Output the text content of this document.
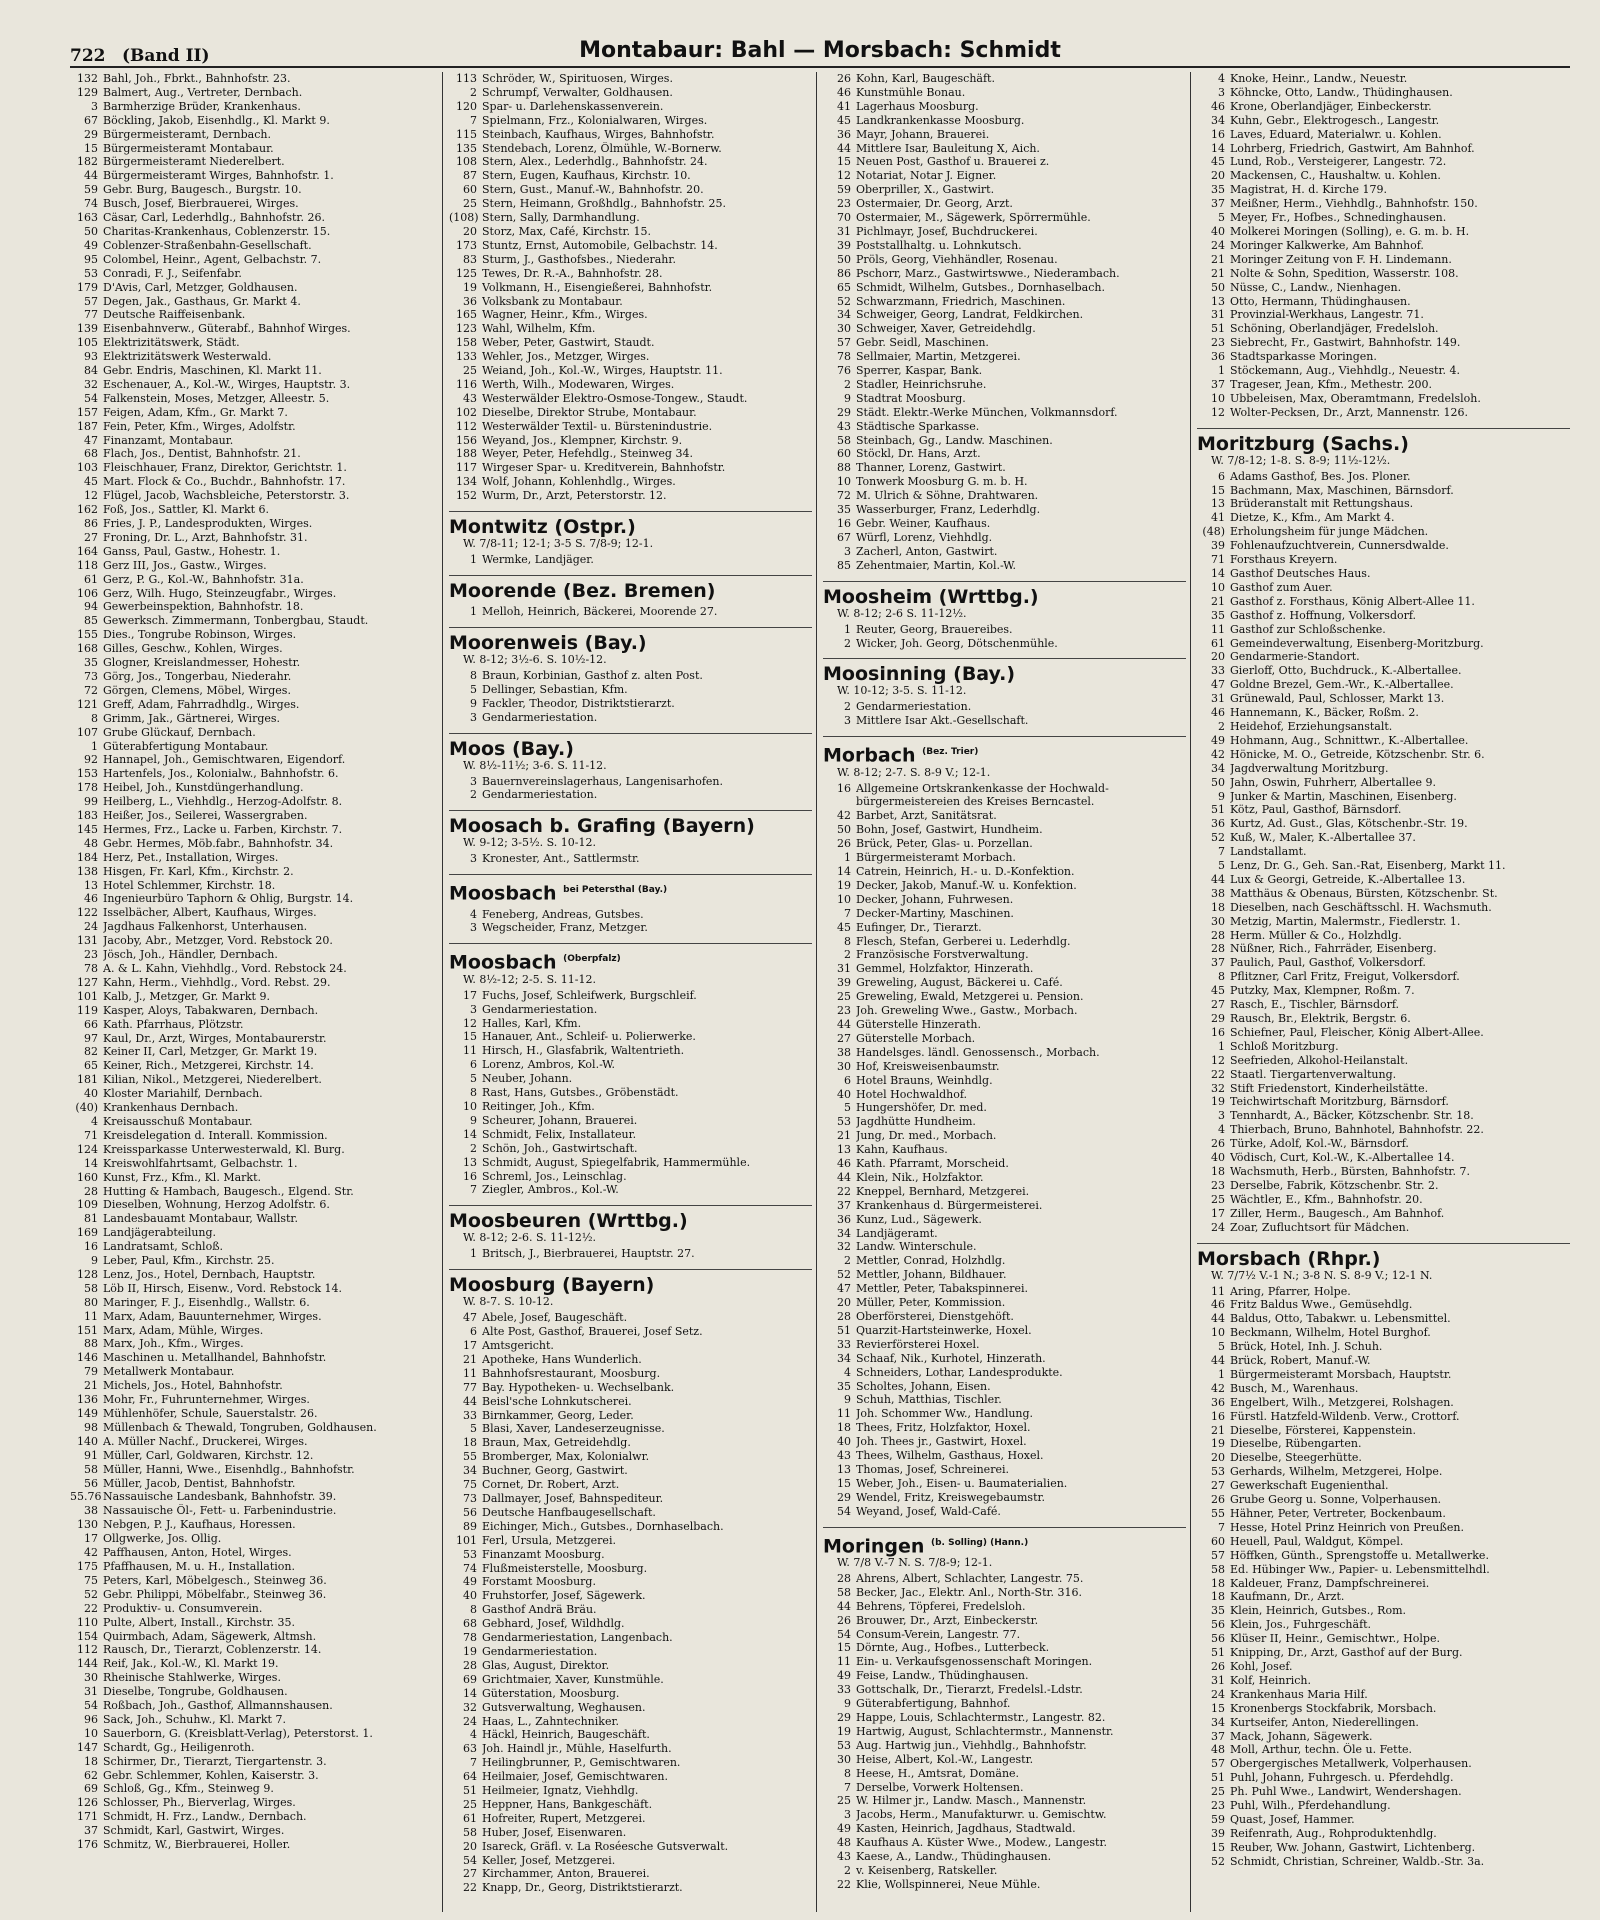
722 (Band II)	Montabaur: Bahl — Morsbach: Schmidt
132 Bahl, Joh., Fbrkt., Bahnhofstr. 23.
129 Balmert, Aug., Vertreter, Dernbach.
3 Barmherzige Brüder, Krankenhaus.
67 Böckling, Jakob, Eisenhdlg., Kl. Markt 9.
29 Bürgermeisteramt, Dernbach.
15 Bürgermeisteramt Montabaur.
182 Bürgermeisteramt Niederelbert.
44 Bürgermeisteramt Wirges, Bahnhofstr. 1.
59 Gebr. Burg, Baugesch., Burgstr. 10.
74 Busch, Josef, Bierbrauerei, Wirges.
163 Cäsar, Carl, Lederhdlg., Bahnhofstr. 26.
50 Charitas-Krankenhaus, Coblenzerstr. 15.
49 Coblenzer-Straßenbahn-Gesellschaft.
95 Colombel, Heinr., Agent, Gelbachstr. 7.
53 Conradi, F. J., Seifenfabr.
179 D'Avis, Carl, Metzger, Goldhausen.
57 Degen, Jak., Gasthaus, Gr. Markt 4.
77 Deutsche Raiffeisenbank.
139 Eisenbahnverw., Güterabf., Bahnhof Wirges.
105 Elektrizitätswerk, Städt.
93 Elektrizitätswerk Westerwald.
84 Gebr. Endris, Maschinen, Kl. Markt 11.
32 Eschenauer, A., Kol.-W., Wirges, Hauptstr. 3.
54 Falkenstein, Moses, Metzger, Alleestr. 5.
157 Feigen, Adam, Kfm., Gr. Markt 7.
187 Fein, Peter, Kfm., Wirges, Adolfstr.
47 Finanzamt, Montabaur.
68 Flach, Jos., Dentist, Bahnhofstr. 21.
103 Fleischhauer, Franz, Direktor, Gerichtstr. 1.
45 Mart. Flock & Co., Buchdr., Bahnhofstr. 17.
12 Flügel, Jacob, Wachsbleiche, Peterstorstr. 3.
162 Foß, Jos., Sattler, Kl. Markt 6.
86 Fries, J. P., Landesprodukten, Wirges.
27 Froning, Dr. L., Arzt, Bahnhofstr. 31.
164 Ganss, Paul, Gastw., Hohestr. 1.
118 Gerz III, Jos., Gastw., Wirges.
61 Gerz, P. G., Kol.-W., Bahnhofstr. 31a.
106 Gerz, Wilh. Hugo, Steinzeugfabr., Wirges.
94 Gewerbeinspektion, Bahnhofstr. 18.
85 Gewerksch. Zimmermann, Tonbergbau, Staudt.
155 Dies., Tongrube Robinson, Wirges.
168 Gilles, Geschw., Kohlen, Wirges.
35 Glogner, Kreislandmesser, Hohestr.
73 Görg, Jos., Tongerbau, Niederahr.
72 Görgen, Clemens, Möbel, Wirges.
121 Greff, Adam, Fahrradhdlg., Wirges.
8 Grimm, Jak., Gärtnerei, Wirges.
107 Grube Glückauf, Dernbach.
1 Güterabfertigung Montabaur.
92 Hannapel, Joh., Gemischtwaren, Eigendorf.
153 Hartenfels, Jos., Kolonialw., Bahnhofstr. 6.
178 Heibel, Joh., Kunstdüngerhandlung.
99 Heilberg, L., Viehhdlg., Herzog-Adolfstr. 8.
183 Heißer, Jos., Seilerei, Wassergraben.
145 Hermes, Frz., Lacke u. Farben, Kirchstr. 7.
48 Gebr. Hermes, Möb.fabr., Bahnhofstr. 34.
184 Herz, Pet., Installation, Wirges.
138 Hisgen, Fr. Karl, Kfm., Kirchstr. 2.
13 Hotel Schlemmer, Kirchstr. 18.
46 Ingenieurbüro Taphorn & Ohlig, Burgstr. 14.
122 Isselbächer, Albert, Kaufhaus, Wirges.
24 Jagdhaus Falkenhorst, Unterhausen.
131 Jacoby, Abr., Metzger, Vord. Rebstock 20.
23 Jösch, Joh., Händler, Dernbach.
78 A. & L. Kahn, Viehhdlg., Vord. Rebstock 24.
127 Kahn, Herm., Viehhdlg., Vord. Rebst. 29.
101 Kalb, J., Metzger, Gr. Markt 9.
119 Kasper, Aloys, Tabakwaren, Dernbach.
66 Kath. Pfarrhaus, Plötzstr.
97 Kaul, Dr., Arzt, Wirges, Montabaurerstr.
82 Keiner II, Carl, Metzger, Gr. Markt 19.
65 Keiner, Rich., Metzgerei, Kirchstr. 14.
181 Kilian, Nikol., Metzgerei, Niederelbert.
40 Kloster Mariahilf, Dernbach.
(40) Krankenhaus Dernbach.
4 Kreisausschuß Montabaur.
71 Kreisdelegation d. Interall. Kommission.
124 Kreissparkasse Unterwesterwald, Kl. Burg.
14 Kreiswohlfahrtsamt, Gelbachstr. 1.
160 Kunst, Frz., Kfm., Kl. Markt.
28 Hutting & Hambach, Baugesch., Elgend. Str.
109 Dieselben, Wohnung, Herzog Adolfstr. 6.
81 Landesbauamt Montabaur, Wallstr.
169 Landjägerabteilung.
16 Landratsamt, Schloß.
9 Leber, Paul, Kfm., Kirchstr. 25.
128 Lenz, Jos., Hotel, Dernbach, Hauptstr.
58 Löb II, Hirsch, Eisenw., Vord. Rebstock 14.
80 Maringer, F. J., Eisenhdlg., Wallstr. 6.
11 Marx, Adam, Bauunternehmer, Wirges.
151 Marx, Adam, Mühle, Wirges.
88 Marx, Joh., Kfm., Wirges.
146 Maschinen u. Metallhandel, Bahnhofstr.
79 Metallwerk Montabaur.
21 Michels, Jos., Hotel, Bahnhofstr.
136 Mohr, Fr., Fuhrunternehmer, Wirges.
149 Mühlenhöfer, Schule, Sauerstalstr. 26.
98 Müllenbach & Thewald, Tongruben, Goldhausen.
140 A. Müller Nachf., Druckerei, Wirges.
91 Müller, Carl, Goldwaren, Kirchstr. 12.
58 Müller, Hanni, Wwe., Eisenhdlg., Bahnhofstr.
56 Müller, Jacob, Dentist, Bahnhofstr.
55.76 Nassauische Landesbank, Bahnhofstr. 39.
38 Nassauische Öl-, Fett- u. Farbenindustrie.
130 Nebgen, P. J., Kaufhaus, Horessen.
17 Ollgwerke, Jos. Ollig.
42 Paffhausen, Anton, Hotel, Wirges.
175 Pfaffhausen, M. u. H., Installation.
75 Peters, Karl, Möbelgesch., Steinweg 36.
52 Gebr. Philippi, Möbelfabr., Steinweg 36.
22 Produktiv- u. Consumverein.
110 Pulte, Albert, Install., Kirchstr. 35.
154 Quirmbach, Adam, Sägewerk, Altmsh.
112 Rausch, Dr., Tierarzt, Coblenzerstr. 14.
144 Reif, Jak., Kol.-W., Kl. Markt 19.
30 Rheinische Stahlwerke, Wirges.
31 Dieselbe, Tongrube, Goldhausen.
54 Roßbach, Joh., Gasthof, Allmannshausen.
96 Sack, Joh., Schuhw., Kl. Markt 7.
10 Sauerborn, G. (Kreisblatt-Verlag), Peterstorst. 1.
147 Schardt, Gg., Heiligenroth.
18 Schirmer, Dr., Tierarzt, Tiergartenstr. 3.
62 Gebr. Schlemmer, Kohlen, Kaiserstr. 3.
69 Schloß, Gg., Kfm., Steinweg 9.
126 Schlosser, Ph., Bierverlag, Wirges.
171 Schmidt, H. Frz., Landw., Dernbach.
37 Schmidt, Karl, Gastwirt, Wirges.
176 Schmitz, W., Bierbrauerei, Holler.
113 Schröder, W., Spirituosen, Wirges.
2 Schrumpf, Verwalter, Goldhausen.
120 Spar- u. Darlehenskassenverein.
7 Spielmann, Frz., Kolonialwaren, Wirges.
115 Steinbach, Kaufhaus, Wirges, Bahnhofstr.
135 Stendebach, Lorenz, Ölmühle, W.-Bornerw.
108 Stern, Alex., Lederhdlg., Bahnhofstr. 24.
87 Stern, Eugen, Kaufhaus, Kirchstr. 10.
60 Stern, Gust., Manuf.-W., Bahnhofstr. 20.
25 Stern, Heimann, Großhdlg., Bahnhofstr. 25.
(108) Stern, Sally, Darmhandlung.
20 Storz, Max, Café, Kirchstr. 15.
173 Stuntz, Ernst, Automobile, Gelbachstr. 14.
83 Sturm, J., Gasthofsbes., Niederahr.
125 Tewes, Dr. R.-A., Bahnhofstr. 28.
19 Volkmann, H., Eisengießerei, Bahnhofstr.
36 Volksbank zu Montabaur.
165 Wagner, Heinr., Kfm., Wirges.
123 Wahl, Wilhelm, Kfm.
158 Weber, Peter, Gastwirt, Staudt.
133 Wehler, Jos., Metzger, Wirges.
25 Weiand, Joh., Kol.-W., Wirges, Hauptstr. 11.
116 Werth, Wilh., Modewaren, Wirges.
43 Westerwälder Elektro-Osmose-Tongew., Staudt.
102 Dieselbe, Direktor Strube, Montabaur.
112 Westerwälder Textil- u. Bürstenindustrie.
156 Weyand, Jos., Klempner, Kirchstr. 9.
188 Weyer, Peter, Hefehdlg., Steinweg 34.
117 Wirgeser Spar- u. Kreditverein, Bahnhofstr.
134 Wolf, Johann, Kohlenhdlg., Wirges.
152 Wurm, Dr., Arzt, Peterstorstr. 12.
Montwitz (Ostpr.)
W. 7/8-11; 12-1; 3-5 S. 7/8-9; 12-1.
1 Wermke, Landjäger.
Moorende (Bez. Bremen)
1 Melloh, Heinrich, Bäckerei, Moorende 27.
Moorenweis (Bay.)
W. 8-12; 3½-6. S. 10½-12.
8 Braun, Korbinian, Gasthof z. alten Post.
5 Dellinger, Sebastian, Kfm.
9 Fackler, Theodor, Distriktstierarzt.
3 Gendarmeriestation.
Moos (Bay.)
W. 8½-11½; 3-6. S. 11-12.
3 Bauernvereinslagerhaus, Langenisarhofen.
2 Gendarmeriestation.
Moosach b. Grafing (Bayern)
W. 9-12; 3-5½. S. 10-12.
3 Kronester, Ant., Sattlermstr.
Moosbach $^{bei Petersthal (Bay.)}$
4 Feneberg, Andreas, Gutsbes.
3 Wegscheider, Franz, Metzger.
Moosbach $^{(Oberpfalz)}$
W. 8½-12; 2-5. S. 11-12.
17 Fuchs, Josef, Schleifwerk, Burgschleif.
3 Gendarmeriestation.
12 Halles, Karl, Kfm.
15 Hanauer, Ant., Schleif- u. Polierwerke.
11 Hirsch, H., Glasfabrik, Waltentrieth.
6 Lorenz, Ambros, Kol.-W.
5 Neuber, Johann.
8 Rast, Hans, Gutsbes., Gröbenstädt.
10 Reitinger, Joh., Kfm.
9 Scheurer, Johann, Brauerei.
14 Schmidt, Felix, Installateur.
2 Schön, Joh., Gastwirtschaft.
13 Schmidt, August, Spiegelfabrik, Hammermühle.
16 Schreml, Jos., Leinschlag.
7 Ziegler, Ambros., Kol.-W.
Moosbeuren (Wrttbg.)
W. 8-12; 2-6. S. 11-12½.
1 Britsch, J., Bierbrauerei, Hauptstr. 27.
Moosburg (Bayern)
W. 8-7. S. 10-12.
47 Abele, Josef, Baugeschäft.
6 Alte Post, Gasthof, Brauerei, Josef Setz.
17 Amtsgericht.
21 Apotheke, Hans Wunderlich.
11 Bahnhofsrestaurant, Moosburg.
77 Bay. Hypotheken- u. Wechselbank.
44 Beisl'sche Lohnkutscherei.
33 Birnkammer, Georg, Leder.
5 Blasi, Xaver, Landeserzeugnisse.
18 Braun, Max, Getreidehdlg.
55 Bromberger, Max, Kolonialwr.
34 Buchner, Georg, Gastwirt.
75 Cornet, Dr. Robert, Arzt.
73 Dallmayer, Josef, Bahnspediteur.
56 Deutsche Hanfbaugesellschaft.
89 Eichinger, Mich., Gutsbes., Dornhaselbach.
101 Ferl, Ursula, Metzgerei.
53 Finanzamt Moosburg.
74 Flußmeisterstelle, Moosburg.
49 Forstamt Moosburg.
40 Fruhstorfer, Josef, Sägewerk.
8 Gasthof Andrä Bräu.
68 Gebhard, Josef, Wildhdlg.
78 Gendarmeriestation, Langenbach.
19 Gendarmeriestation.
28 Glas, August, Direktor.
69 Grichtmaier, Xaver, Kunstmühle.
14 Güterstation, Moosburg.
32 Gutsverwaltung, Weghausen.
24 Haas, L., Zahntechniker.
4 Häckl, Heinrich, Baugeschäft.
63 Joh. Haindl jr., Mühle, Haselfurth.
7 Heilingbrunner, P., Gemischtwaren.
64 Heilmaier, Josef, Gemischtwaren.
51 Heilmeier, Ignatz, Viehhdlg.
25 Heppner, Hans, Bankgeschäft.
61 Hofreiter, Rupert, Metzgerei.
58 Huber, Josef, Eisenwaren.
20 Isareck, Gräfl. v. La Roséesche Gutsverwalt.
54 Keller, Josef, Metzgerei.
27 Kirchammer, Anton, Brauerei.
22 Knapp, Dr., Georg, Distriktstierarzt.
26 Kohn, Karl, Baugeschäft.
46 Kunstmühle Bonau.
41 Lagerhaus Moosburg.
45 Landkrankenkasse Moosburg.
36 Mayr, Johann, Brauerei.
44 Mittlere Isar, Bauleitung X, Aich.
15 Neuen Post, Gasthof u. Brauerei z.
12 Notariat, Notar J. Eigner.
59 Oberpriller, X., Gastwirt.
23 Ostermaier, Dr. Georg, Arzt.
70 Ostermaier, M., Sägewerk, Spörrermühle.
31 Pichlmayr, Josef, Buchdruckerei.
39 Poststallhaltg. u. Lohnkutsch.
50 Pröls, Georg, Viehhändler, Rosenau.
86 Pschorr, Marz., Gastwirtswwe., Niederambach.
65 Schmidt, Wilhelm, Gutsbes., Dornhaselbach.
52 Schwarzmann, Friedrich, Maschinen.
34 Schweiger, Georg, Landrat, Feldkirchen.
30 Schweiger, Xaver, Getreidehdlg.
57 Gebr. Seidl, Maschinen.
78 Sellmaier, Martin, Metzgerei.
76 Sperrer, Kaspar, Bank.
2 Stadler, Heinrichsruhe.
9 Stadtrat Moosburg.
29 Städt. Elektr.-Werke München, Volkmannsdorf.
43 Städtische Sparkasse.
58 Steinbach, Gg., Landw. Maschinen.
60 Stöckl, Dr. Hans, Arzt.
88 Thanner, Lorenz, Gastwirt.
10 Tonwerk Moosburg G. m. b. H.
72 M. Ulrich & Söhne, Drahtwaren.
35 Wasserburger, Franz, Lederhdlg.
16 Gebr. Weiner, Kaufhaus.
67 Würfl, Lorenz, Viehhdlg.
3 Zacherl, Anton, Gastwirt.
85 Zehentmaier, Martin, Kol.-W.
Moosheim (Wrttbg.)
W. 8-12; 2-6 S. 11-12½.
1 Reuter, Georg, Brauereibes.
2 Wicker, Joh. Georg, Dötschenmühle.
Moosinning (Bay.)
W. 10-12; 3-5. S. 11-12.
2 Gendarmeriestation.
3 Mittlere Isar Akt.-Gesellschaft.
Morbach $^{(Bez. Trier)}$
W. 8-12; 2-7. S. 8-9 V.; 12-1.
16 Allgemeine Ortskrankenkasse der Hochwald-
bürgermeistereien des Kreises Berncastel.
42 Barbet, Arzt, Sanitätsrat.
50 Bohn, Josef, Gastwirt, Hundheim.
26 Brück, Peter, Glas- u. Porzellan.
1 Bürgermeisteramt Morbach.
14 Catrein, Heinrich, H.- u. D.-Konfektion.
19 Decker, Jakob, Manuf.-W. u. Konfektion.
10 Decker, Johann, Fuhrwesen.
7 Decker-Martiny, Maschinen.
45 Eufinger, Dr., Tierarzt.
8 Flesch, Stefan, Gerberei u. Lederhdlg.
2 Französische Forstverwaltung.
31 Gemmel, Holzfaktor, Hinzerath.
39 Greweling, August, Bäckerei u. Café.
25 Greweling, Ewald, Metzgerei u. Pension.
23 Joh. Greweling Wwe., Gastw., Morbach.
44 Güterstelle Hinzerath.
27 Güterstelle Morbach.
38 Handelsges. ländl. Genossensch., Morbach.
30 Hof, Kreisweisenbaumstr.
6 Hotel Brauns, Weinhdlg.
40 Hotel Hochwaldhof.
5 Hungershöfer, Dr. med.
53 Jagdhütte Hundheim.
21 Jung, Dr. med., Morbach.
13 Kahn, Kaufhaus.
46 Kath. Pfarramt, Morscheid.
44 Klein, Nik., Holzfaktor.
22 Kneppel, Bernhard, Metzgerei.
37 Krankenhaus d. Bürgermeisterei.
36 Kunz, Lud., Sägewerk.
34 Landjägeramt.
32 Landw. Winterschule.
2 Mettler, Conrad, Holzhdlg.
52 Mettler, Johann, Bildhauer.
47 Mettler, Peter, Tabakspinnerei.
20 Müller, Peter, Kommission.
28 Oberförsterei, Dienstgehöft.
51 Quarzit-Hartsteinwerke, Hoxel.
33 Revierförsterei Hoxel.
34 Schaaf, Nik., Kurhotel, Hinzerath.
4 Schneiders, Lothar, Landesprodukte.
35 Scholtes, Johann, Eisen.
9 Schuh, Matthias, Tischler.
11 Joh. Schommer Ww., Handlung.
18 Thees, Fritz, Holzfaktor, Hoxel.
40 Joh. Thees jr., Gastwirt, Hoxel.
43 Thees, Wilhelm, Gasthaus, Hoxel.
13 Thomas, Josef, Schreinerei.
15 Weber, Joh., Eisen- u. Baumaterialien.
29 Wendel, Fritz, Kreiswegebaumstr.
54 Weyand, Josef, Wald-Café.
Moringen $^{(b. Solling) (Hann.)}$
W. 7/8 V.-7 N. S. 7/8-9; 12-1.
28 Ahrens, Albert, Schlachter, Langestr. 75.
58 Becker, Jac., Elektr. Anl., North-Str. 316.
44 Behrens, Töpferei, Fredelsloh.
26 Brouwer, Dr., Arzt, Einbeckerstr.
54 Consum-Verein, Langestr. 77.
15 Dörnte, Aug., Hofbes., Lutterbeck.
11 Ein- u. Verkaufsgenossenschaft Moringen.
49 Feise, Landw., Thüdinghausen.
33 Gottschalk, Dr., Tierarzt, Fredelsl.-Ldstr.
9 Güterabfertigung, Bahnhof.
29 Happe, Louis, Schlachtermstr., Langestr. 82.
19 Hartwig, August, Schlachtermstr., Mannenstr.
53 Aug. Hartwig jun., Viehhdlg., Bahnhofstr.
30 Heise, Albert, Kol.-W., Langestr.
8 Heese, H., Amtsrat, Domäne.
7 Derselbe, Vorwerk Holtensen.
25 W. Hilmer jr., Landw. Masch., Mannenstr.
3 Jacobs, Herm., Manufakturwr. u. Gemischtw.
49 Kasten, Heinrich, Jagdhaus, Stadtwald.
48 Kaufhaus A. Küster Wwe., Modew., Langestr.
43 Kaese, A., Landw., Thüdinghausen.
2 v. Keisenberg, Ratskeller.
22 Klie, Wollspinnerei, Neue Mühle.
4 Knoke, Heinr., Landw., Neuestr.
3 Köhncke, Otto, Landw., Thüdinghausen.
46 Krone, Oberlandjäger, Einbeckerstr.
34 Kuhn, Gebr., Elektrogesch., Langestr.
16 Laves, Eduard, Materialwr. u. Kohlen.
14 Lohrberg, Friedrich, Gastwirt, Am Bahnhof.
45 Lund, Rob., Versteigerer, Langestr. 72.
20 Mackensen, C., Haushaltw. u. Kohlen.
35 Magistrat, H. d. Kirche 179.
37 Meißner, Herm., Viehhdlg., Bahnhofstr. 150.
5 Meyer, Fr., Hofbes., Schnedinghausen.
40 Molkerei Moringen (Solling), e. G. m. b. H.
24 Moringer Kalkwerke, Am Bahnhof.
21 Moringer Zeitung von F. H. Lindemann.
21 Nolte & Sohn, Spedition, Wasserstr. 108.
50 Nüsse, C., Landw., Nienhagen.
13 Otto, Hermann, Thüdinghausen.
31 Provinzial-Werkhaus, Langestr. 71.
51 Schöning, Oberlandjäger, Fredelsloh.
23 Siebrecht, Fr., Gastwirt, Bahnhofstr. 149.
36 Stadtsparkasse Moringen.
1 Stöckemann, Aug., Viehhdlg., Neuestr. 4.
37 Trageser, Jean, Kfm., Methestr. 200.
10 Ubbeleisen, Max, Oberamtmann, Fredelsloh.
12 Wolter-Pecksen, Dr., Arzt, Mannenstr. 126.
Moritzburg (Sachs.)
W. 7/8-12; 1-8. S. 8-9; 11½-12½.
6 Adams Gasthof, Bes. Jos. Ploner.
15 Bachmann, Max, Maschinen, Bärnsdorf.
13 Brüderanstalt mit Rettungshaus.
41 Dietze, K., Kfm., Am Markt 4.
(48) Erholungsheim für junge Mädchen.
39 Fohlenaufzuchtverein, Cunnersdwalde.
71 Forsthaus Kreyern.
14 Gasthof Deutsches Haus.
10 Gasthof zum Auer.
21 Gasthof z. Forsthaus, König Albert-Allee 11.
35 Gasthof z. Hoffnung, Volkersdorf.
11 Gasthof zur Schloßschenke.
61 Gemeindeverwaltung, Eisenberg-Moritzburg.
20 Gendarmerie-Standort.
33 Gierloff, Otto, Buchdruck., K.-Albertallee.
47 Goldne Brezel, Gem.-Wr., K.-Albertallee.
31 Grünewald, Paul, Schlosser, Markt 13.
46 Hannemann, K., Bäcker, Roßm. 2.
2 Heidehof, Erziehungsanstalt.
49 Hohmann, Aug., Schnittwr., K.-Albertallee.
42 Hönicke, M. O., Getreide, Kötzschenbr. Str. 6.
34 Jagdverwaltung Moritzburg.
50 Jahn, Oswin, Fuhrherr, Albertallee 9.
9 Junker & Martin, Maschinen, Eisenberg.
51 Kötz, Paul, Gasthof, Bärnsdorf.
36 Kurtz, Ad. Gust., Glas, Kötschenbr.-Str. 19.
52 Kuß, W., Maler, K.-Albertallee 37.
7 Landstallamt.
5 Lenz, Dr. G., Geh. San.-Rat, Eisenberg, Markt 11.
44 Lux & Georgi, Getreide, K.-Albertallee 13.
38 Matthäus & Obenaus, Bürsten, Kötzschenbr. St.
18 Dieselben, nach Geschäftsschl. H. Wachsmuth.
30 Metzig, Martin, Malermstr., Fiedlerstr. 1.
28 Herm. Müller & Co., Holzhdlg.
28 Nüßner, Rich., Fahrräder, Eisenberg.
37 Paulich, Paul, Gasthof, Volkersdorf.
8 Pflitzner, Carl Fritz, Freigut, Volkersdorf.
45 Putzky, Max, Klempner, Roßm. 7.
27 Rasch, E., Tischler, Bärnsdorf.
29 Rausch, Br., Elektrik, Bergstr. 6.
16 Schiefner, Paul, Fleischer, König Albert-Allee.
1 Schloß Moritzburg.
12 Seefrieden, Alkohol-Heilanstalt.
22 Staatl. Tiergartenverwaltung.
32 Stift Friedenstort, Kinderheilstätte.
19 Teichwirtschaft Moritzburg, Bärnsdorf.
3 Tennhardt, A., Bäcker, Kötzschenbr. Str. 18.
4 Thierbach, Bruno, Bahnhotel, Bahnhofstr. 22.
26 Türke, Adolf, Kol.-W., Bärnsdorf.
40 Vödisch, Curt, Kol.-W., K.-Albertallee 14.
18 Wachsmuth, Herb., Bürsten, Bahnhofstr. 7.
23 Derselbe, Fabrik, Kötzschenbr. Str. 2.
25 Wächtler, E., Kfm., Bahnhofstr. 20.
17 Ziller, Herm., Baugesch., Am Bahnhof.
24 Zoar, Zufluchtsort für Mädchen.
Morsbach (Rhpr.)
W. 7/7½ V.-1 N.; 3-8 N. S. 8-9 V.; 12-1 N.
11 Aring, Pfarrer, Holpe.
46 Fritz Baldus Wwe., Gemüsehdlg.
44 Baldus, Otto, Tabakwr. u. Lebensmittel.
10 Beckmann, Wilhelm, Hotel Burghof.
5 Brück, Hotel, Inh. J. Schuh.
44 Brück, Robert, Manuf.-W.
1 Bürgermeisteramt Morsbach, Hauptstr.
42 Busch, M., Warenhaus.
36 Engelbert, Wilh., Metzgerei, Rolshagen.
16 Fürstl. Hatzfeld-Wildenb. Verw., Crottorf.
21 Dieselbe, Försterei, Kappenstein.
19 Dieselbe, Rübengarten.
20 Dieselbe, Steegerhütte.
53 Gerhards, Wilhelm, Metzgerei, Holpe.
27 Gewerkschaft Eugenienthal.
26 Grube Georg u. Sonne, Volperhausen.
55 Hähner, Peter, Vertreter, Bockenbaum.
7 Hesse, Hotel Prinz Heinrich von Preußen.
60 Heuell, Paul, Waldgut, Kömpel.
57 Höffken, Günth., Sprengstoffe u. Metallwerke.
58 Ed. Hübinger Ww., Papier- u. Lebensmittelhdl.
18 Kaldeuer, Franz, Dampfschreinerei.
18 Kaufmann, Dr., Arzt.
35 Klein, Heinrich, Gutsbes., Rom.
56 Klein, Jos., Fuhrgeschäft.
56 Klüser II, Heinr., Gemischtwr., Holpe.
51 Knipping, Dr., Arzt, Gasthof auf der Burg.
26 Kohl, Josef.
31 Kolf, Heinrich.
24 Krankenhaus Maria Hilf.
15 Kronenbergs Stockfabrik, Morsbach.
34 Kurtseifer, Anton, Niederellingen.
37 Mack, Johann, Sägewerk.
48 Moll, Arthur, techn. Öle u. Fette.
57 Obergergisches Metallwerk, Volperhausen.
51 Puhl, Johann, Fuhrgesch. u. Pferdehdlg.
25 Ph. Puhl Wwe., Landwirt, Wendershagen.
23 Puhl, Wilh., Pferdehandlung.
59 Quast, Josef, Hammer.
39 Reifenrath, Aug., Rohproduktenhdlg.
15 Reuber, Ww. Johann, Gastwirt, Lichtenberg.
52 Schmidt, Christian, Schreiner, Waldb.-Str. 3a.
